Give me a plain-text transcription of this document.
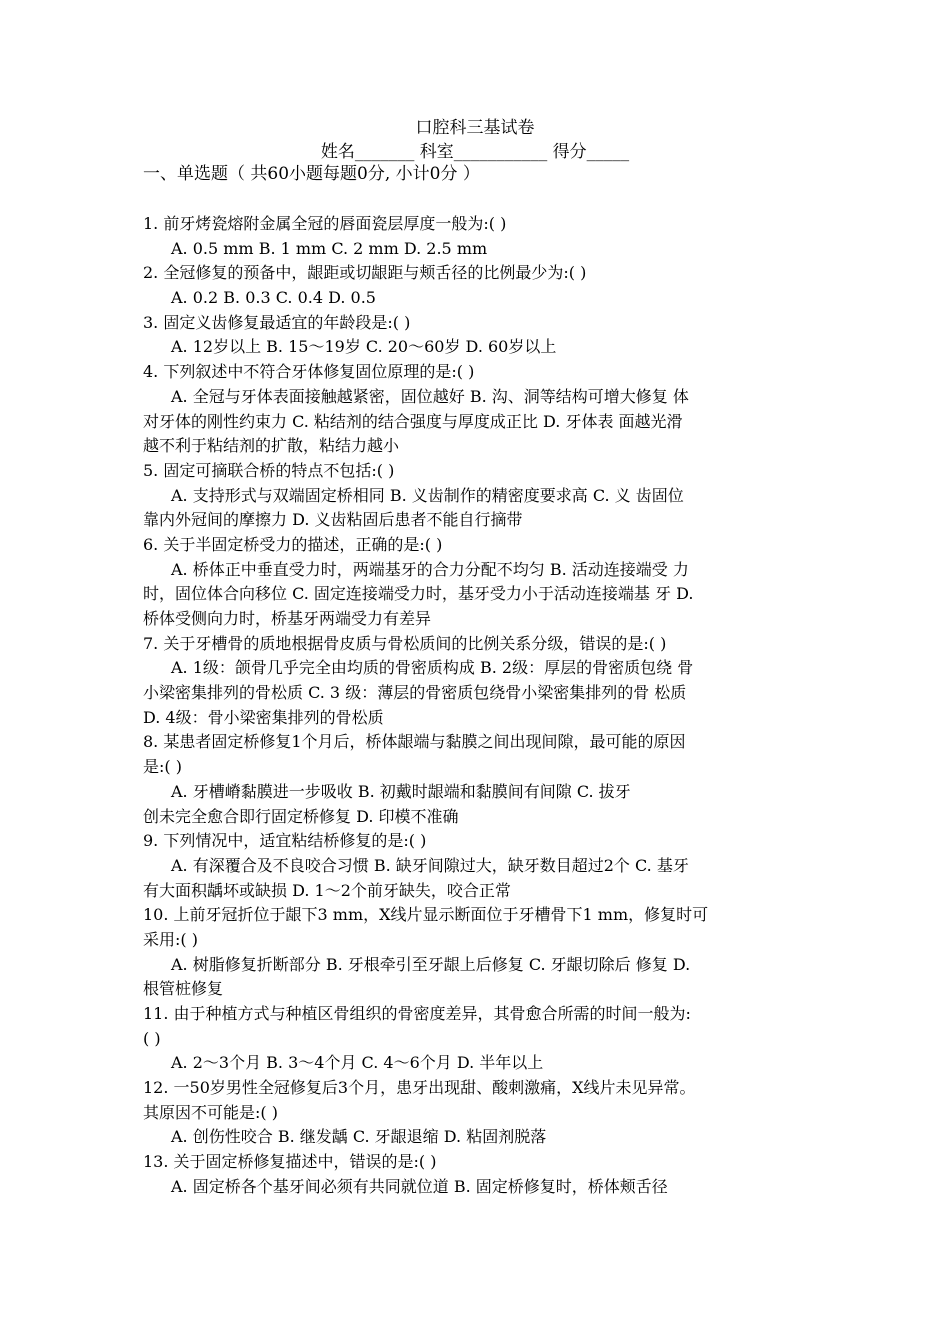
口腔科三基试卷
姓名_______ 科室___________ 得分_____
一、单选题（ 共60小题每题0分, 小计0分 ）
1. 前牙烤瓷熔附金属全冠的唇面瓷层厚度一般为:( )
A. 0.5 mm B. 1 mm C. 2 mm D. 2.5 mm
2. 全冠修复的预备中，龈距或切龈距与颊舌径的比例最少为:( )
A. 0.2 B. 0.3 C. 0.4 D. 0.5
3. 固定义齿修复最适宜的年龄段是:( )
A. 12岁以上 B. 15～19岁 C. 20～60岁 D. 60岁以上
4. 下列叙述中不符合牙体修复固位原理的是:( )
A. 全冠与牙体表面接触越紧密，固位越好 B. 沟、洞等结构可增大修复 体
对牙体的刚性约束力 C. 粘结剂的结合强度与厚度成正比 D. 牙体表 面越光滑
越不利于粘结剂的扩散，粘结力越小
5. 固定可摘联合桥的特点不包括:( )
A. 支持形式与双端固定桥相同 B. 义齿制作的精密度要求高 C. 义 齿固位
靠内外冠间的摩擦力 D. 义齿粘固后患者不能自行摘带
6. 关于半固定桥受力的描述，正确的是:( )
A. 桥体正中垂直受力时，两端基牙的合力分配不均匀 B. 活动连接端受 力
时，固位体合向移位 C. 固定连接端受力时，基牙受力小于活动连接端基 牙 D.
桥体受侧向力时，桥基牙两端受力有差异
7. 关于牙槽骨的质地根据骨皮质与骨松质间的比例关系分级，错误的是:( )
A. 1级：颌骨几乎完全由均质的骨密质构成 B. 2级：厚层的骨密质包绕 骨
小梁密集排列的骨松质 C. 3 级：薄层的骨密质包绕骨小梁密集排列的骨 松质
D. 4级：骨小梁密集排列的骨松质
8. 某患者固定桥修复1个月后，桥体龈端与黏膜之间出现间隙，最可能的原因
是:( )
A. 牙槽嵴黏膜进一步吸收 B. 初戴时龈端和黏膜间有间隙 C. 拔牙
创未完全愈合即行固定桥修复 D. 印模不准确
9. 下列情况中，适宜粘结桥修复的是:( )
A. 有深覆合及不良咬合习惯 B. 缺牙间隙过大，缺牙数目超过2个 C. 基牙
有大面积龋坏或缺损 D. 1～2个前牙缺失，咬合正常
10. 上前牙冠折位于龈下3 mm，X线片显示断面位于牙槽骨下1 mm，修复时可
采用:( )
A. 树脂修复折断部分 B. 牙根牵引至牙龈上后修复 C. 牙龈切除后 修复 D.
根管桩修复
11. 由于种植方式与种植区骨组织的骨密度差异，其骨愈合所需的时间一般为:
( )
A. 2～3个月 B. 3～4个月 C. 4～6个月 D. 半年以上
12. 一50岁男性全冠修复后3个月，患牙出现甜、酸刺激痛，X线片未见异常。
其原因不可能是:( )
A. 创伤性咬合 B. 继发龋 C. 牙龈退缩 D. 粘固剂脱落
13. 关于固定桥修复描述中，错误的是:( )
A. 固定桥各个基牙间必须有共同就位道 B. 固定桥修复时，桥体颊舌径
